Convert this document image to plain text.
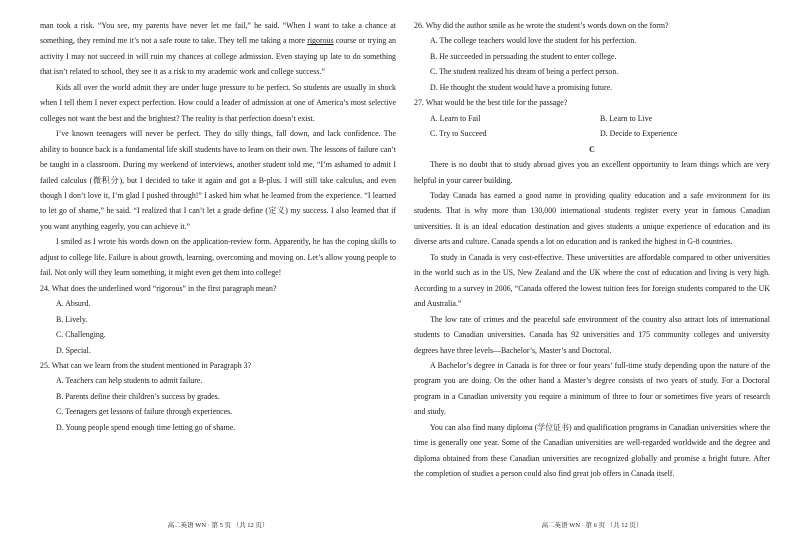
man took a risk. “You see, my parents have never let me fail,” he said. “When I want to take a chance at something, they remind me it’s not a safe route to take. They tell me taking a more rigorous course or trying an activity I may not succeed in will ruin my chances at college admission. Even staying up late to do something that isn’t related to school, they see it as a risk to my academic work and college success.”

Kids all over the world admit they are under huge pressure to be perfect. So students are usually in shock when I tell them I never expect perfection. How could a leader of admission at one of America’s most selective colleges not want the best and the brightest? The reality is that perfection doesn’t exist.

I’ve known teenagers will never be perfect. They do silly things, fall down, and lack confidence. The ability to bounce back is a fundamental life skill students have to learn on their own. The lessons of failure can’t be taught in a classroom. During my weekend of interviews, another student told me, “I’m ashamed to admit I failed calculus (微积分), but I decided to take it again and got a B-plus. I will still take calculus, and even though I don’t love it, I’m glad I pushed through!” I asked him what he learned from the experience. “I learned to let go of shame,” he said. “I realized that I can’t let a grade define (定义) my success. I also learned that if you want anything eagerly, you can achieve it.”

I smiled as I wrote his words down on the application-review form. Apparently, he has the coping skills to adjust to college life. Failure is about growth, learning, overcoming and moving on. Let’s allow young people to fail. Not only will they learn something, it might even get them into college!

24. What does the underlined word “rigorous” in the first paragraph mean?

A. Absurd.

B. Lively.

C. Challenging.

D. Special.

25. What can we learn from the student mentioned in Paragraph 3?

A. Teachers can help students to admit failure.

B. Parents define their children’s success by grades.

C. Teenagers get lessons of failure through experiences.

D. Young people spend enough time letting go of shame.

26. Why did the author smile as he wrote the student’s words down on the form?

A. The college teachers would love the student for his perfection.

B. He succeeded in persuading the student to enter college.

C. The student realized his dream of being a perfect person.

D. He thought the student would have a promising future.

27. What would be the best title for the passage?

A. Learn to Fail	B. Learn to Live
C. Try to Succeed	D. Decide to Experience

C

There is no doubt that to study abroad gives you an excellent opportunity to learn things which are very helpful in your career building.

Today Canada has earned a good name in providing quality education and a safe environment for its students. That is why more than 130,000 international students register every year in famous Canadian universities. It is an ideal education destination and gives students a unique experience of education and its diverse arts and culture. Canada spends a lot on education and is ranked the highest in G-8 countries.

To study in Canada is very cost-effective. These universities are affordable compared to other universities in the world such as in the US, New Zealand and the UK where the cost of education and living is very high. According to a survey in 2006, “Canada offered the lowest tuition fees for foreign students compared to the UK and Australia.”

The low rate of crimes and the peaceful safe environment of the country also attract lots of international students to Canadian universities. Canada has 92 universities and 175 community colleges and university degrees have three levels—Bachelor’s, Master’s and Doctoral.

A Bachelor’s degree in Canada is for three or four years’ full-time study depending upon the nature of the program you are doing. On the other hand a Master’s degree consists of two years of study. For a Doctoral program in a Canadian university you require a minimum of three to four or sometimes five years of research and study.

You can also find many diploma (学位证书) and qualification programs in Canadian universities where the time is generally one year. Some of the Canadian universities are well-regarded worldwide and the degree and diploma obtained from these Canadian universities are recognized globally and promise a bright future. After the completion of studies a person could also find great job offers in Canada itself.

高二英语 WN · 第 5 页 （共 12 页）	高二英语 WN · 第 6 页 （共 12 页）
